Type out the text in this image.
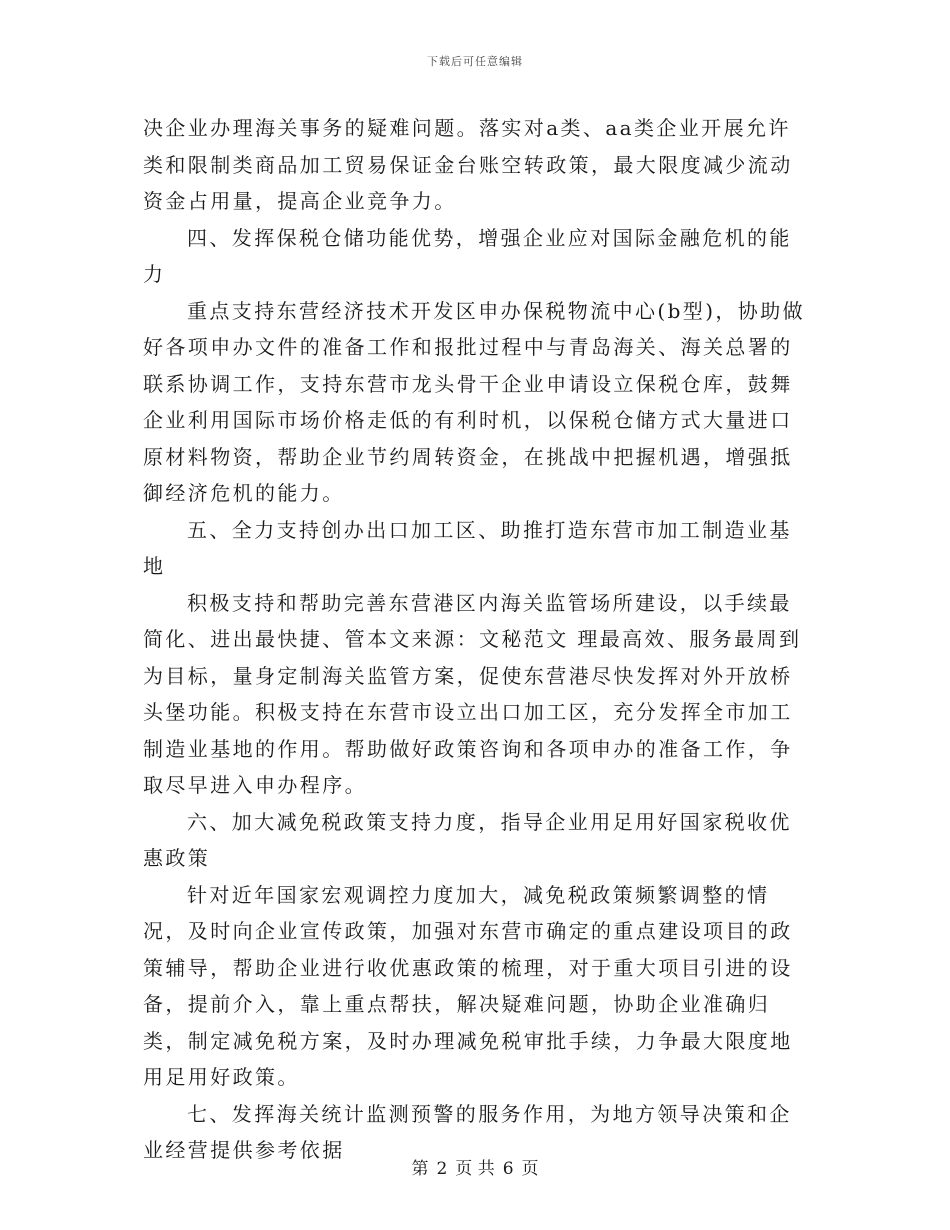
下载后可任意编辑

决企业办理海关事务的疑难问题。落实对a类、aa类企业开展允许类和限制类商品加工贸易保证金台账空转政策，最大限度减少流动资金占用量，提高企业竞争力。

四、发挥保税仓储功能优势，增强企业应对国际金融危机的能力

重点支持东营经济技术开发区申办保税物流中心(b型)，协助做好各项申办文件的准备工作和报批过程中与青岛海关、海关总署的联系协调工作，支持东营市龙头骨干企业申请设立保税仓库，鼓舞企业利用国际市场价格走低的有利时机，以保税仓储方式大量进口原材料物资，帮助企业节约周转资金，在挑战中把握机遇，增强抵御经济危机的能力。

五、全力支持创办出口加工区、助推打造东营市加工制造业基地

积极支持和帮助完善东营港区内海关监管场所建设，以手续最简化、进出最快捷、管本文来源：文秘范文 理最高效、服务最周到为目标，量身定制海关监管方案，促使东营港尽快发挥对外开放桥头堡功能。积极支持在东营市设立出口加工区，充分发挥全市加工制造业基地的作用。帮助做好政策咨询和各项申办的准备工作，争取尽早进入申办程序。

六、加大减免税政策支持力度，指导企业用足用好国家税收优惠政策

针对近年国家宏观调控力度加大，减免税政策频繁调整的情况，及时向企业宣传政策，加强对东营市确定的重点建设项目的政策辅导，帮助企业进行收优惠政策的梳理，对于重大项目引进的设备，提前介入，靠上重点帮扶，解决疑难问题，协助企业准确归类，制定减免税方案，及时办理减免税审批手续，力争最大限度地用足用好政策。

七、发挥海关统计监测预警的服务作用，为地方领导决策和企业经营提供参考依据

第 2 页 共 6 页
